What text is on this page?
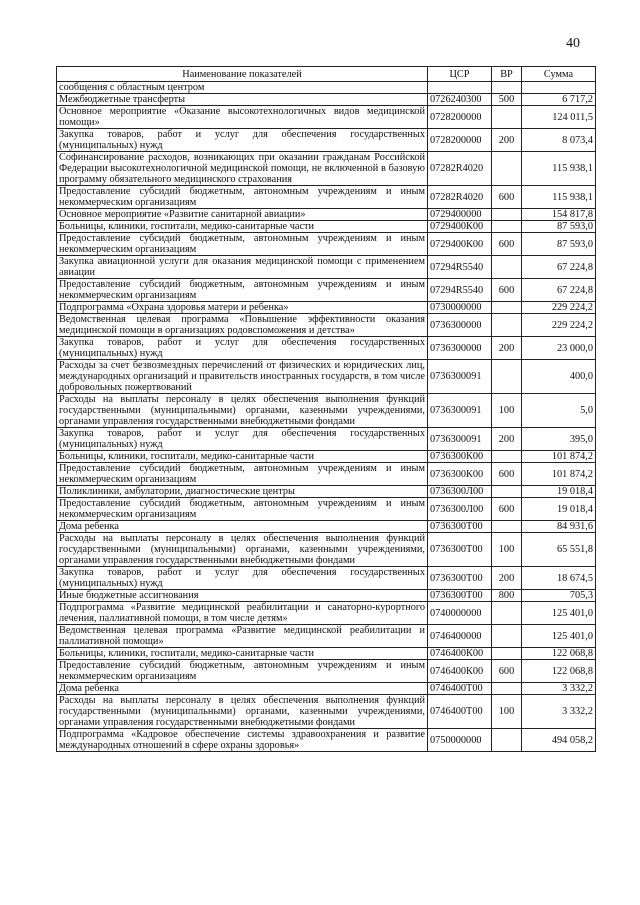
40
Наименование показателей	ЦСР	ВР	Сумма
сообщения с областным центром			
Межбюджетные трансферты	0726240300	500	6 717,2
Основное мероприятие «Оказание высокотехнологичных видов медицинской помощи»	0728200000		124 011,5
Закупка товаров, работ и услуг для обеспечения государственных (муниципальных) нужд	0728200000	200	8 073,4
Софинансирование расходов, возникающих при оказании гражданам Российской Федерации высокотехнологичной медицинской помощи, не включенной в базовую программу обязательного медицинского страхования	07282R4020		115 938,1
Предоставление субсидий бюджетным, автономным учреждениям и иным некоммерческим организациям	07282R4020	600	115 938,1
Основное мероприятие «Развитие санитарной авиации»	0729400000		154 817,8
Больницы, клиники, госпитали, медико-санитарные части	0729400К00		87 593,0
Предоставление субсидий бюджетным, автономным учреждениям и иным некоммерческим организациям	0729400К00	600	87 593,0
Закупка авиационной услуги для оказания медицинской помощи с применением авиации	07294R5540		67 224,8
Предоставление субсидий бюджетным, автономным учреждениям и иным некоммерческим организациям	07294R5540	600	67 224,8
Подпрограмма «Охрана здоровья матери и ребенка»	0730000000		229 224,2
Ведомственная целевая программа «Повышение эффективности оказания медицинской помощи в организациях родовспоможения и детства»	0736300000		229 224,2
Закупка товаров, работ и услуг для обеспечения государственных (муниципальных) нужд	0736300000	200	23 000,0
Расходы за счет безвозмездных перечислений от физических и юридических лиц, международных организаций и правительств иностранных государств, в том числе добровольных пожертвований	0736300091		400,0
Расходы на выплаты персоналу в целях обеспечения выполнения функций государственными (муниципальными) органами, казенными учреждениями, органами управления государственными внебюджетными фондами	0736300091	100	5,0
Закупка товаров, работ и услуг для обеспечения государственных (муниципальных) нужд	0736300091	200	395,0
Больницы, клиники, госпитали, медико-санитарные части	0736300К00		101 874,2
Предоставление субсидий бюджетным, автономным учреждениям и иным некоммерческим организациям	0736300К00	600	101 874,2
Поликлиники, амбулатории, диагностические центры	0736300Л00		19 018,4
Предоставление субсидий бюджетным, автономным учреждениям и иным некоммерческим организациям	0736300Л00	600	19 018,4
Дома ребенка	0736300Т00		84 931,6
Расходы на выплаты персоналу в целях обеспечения выполнения функций государственными (муниципальными) органами, казенными учреждениями, органами управления государственными внебюджетными фондами	0736300Т00	100	65 551,8
Закупка товаров, работ и услуг для обеспечения государственных (муниципальных) нужд	0736300Т00	200	18 674,5
Иные бюджетные ассигнования	0736300Т00	800	705,3
Подпрограмма «Развитие медицинской реабилитации и санаторно-курортного лечения, паллиативной помощи, в том числе детям»	0740000000		125 401,0
Ведомственная целевая программа «Развитие медицинской реабилитации и паллиативной помощи»	0746400000		125 401,0
Больницы, клиники, госпитали, медико-санитарные части	0746400К00		122 068,8
Предоставление субсидий бюджетным, автономным учреждениям и иным некоммерческим организациям	0746400К00	600	122 068,8
Дома ребенка	0746400Т00		3 332,2
Расходы на выплаты персоналу в целях обеспечения выполнения функций государственными (муниципальными) органами, казенными учреждениями, органами управления государственными внебюджетными фондами	0746400Т00	100	3 332,2
Подпрограмма «Кадровое обеспечение системы здравоохранения и развитие международных отношений в сфере охраны здоровья»	0750000000		494 058,2
